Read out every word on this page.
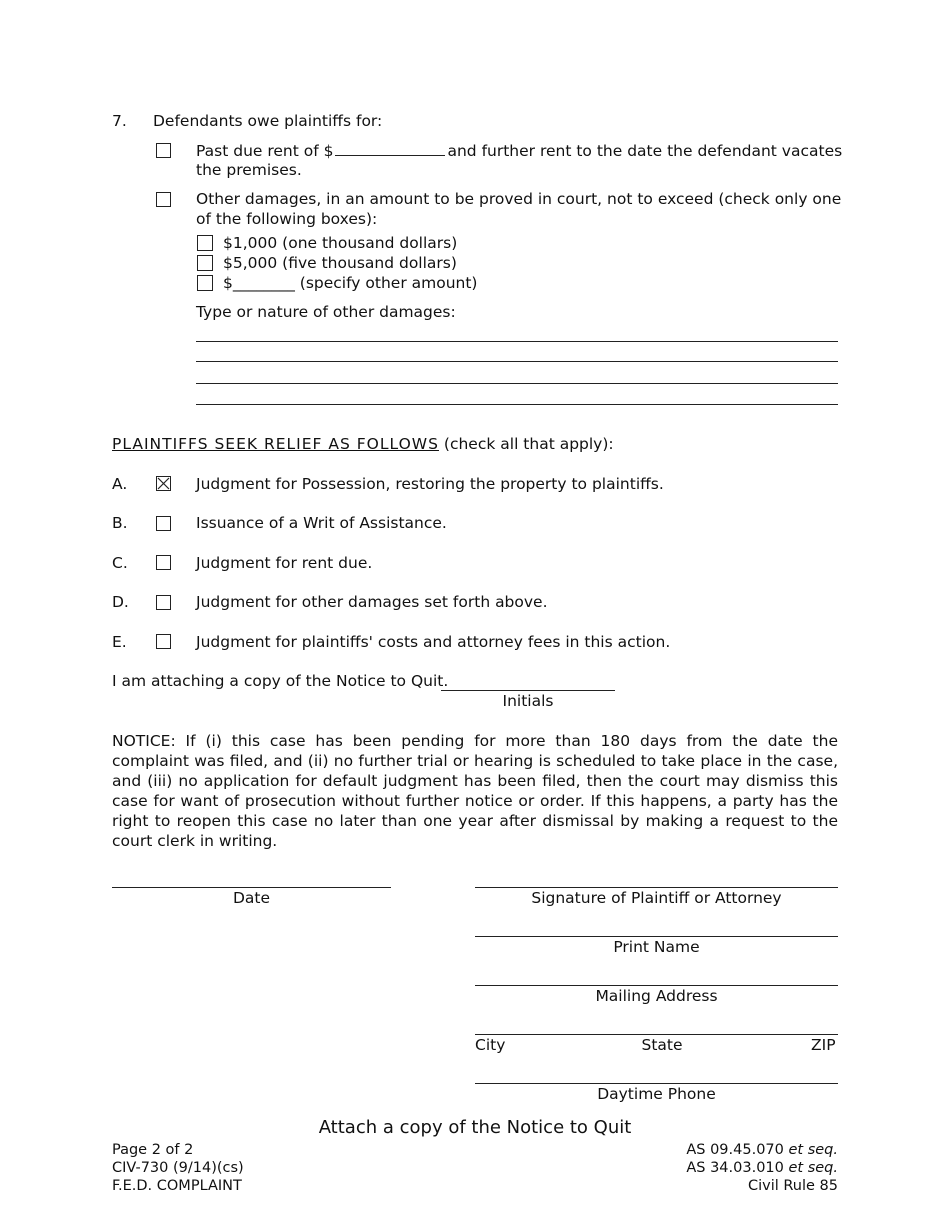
7. Defendants owe plaintiffs for:
Past due rent of $	and further rent to the date the defendant vacates
the premises.
Other damages, in an amount to be proved in court, not to exceed (check only one
of the following boxes):
$1,000 (one thousand dollars)
$5,000 (five thousand dollars)
$________ (specify other amount)
Type or nature of other damages:
PLAINTIFFS SEEK RELIEF AS FOLLOWS (check all that apply):
A.	Judgment for Possession, restoring the property to plaintiffs.
B.	Issuance of a Writ of Assistance.
C.	Judgment for rent due.
D.	Judgment for other damages set forth above.
E.	Judgment for plaintiffs' costs and attorney fees in this action.
I am attaching a copy of the Notice to Quit.
Initials
NOTICE: If (i) this case has been pending for more than 180 days from the date the complaint was filed, and (ii) no further trial or hearing is scheduled to take place in the case, and (iii) no application for default judgment has been filed, then the court may dismiss this case for want of prosecution without further notice or order. If this happens, a party has the right to reopen this case no later than one year after dismissal by making a request to the court clerk in writing.
Date	Signature of Plaintiff or Attorney
Print Name
Mailing Address
City	State	ZIP
Daytime Phone
Attach a copy of the Notice to Quit
Page 2 of 2
CIV-730 (9/14)(cs)
F.E.D. COMPLAINT
AS 09.45.070 et seq.
AS 34.03.010 et seq.
Civil Rule 85
